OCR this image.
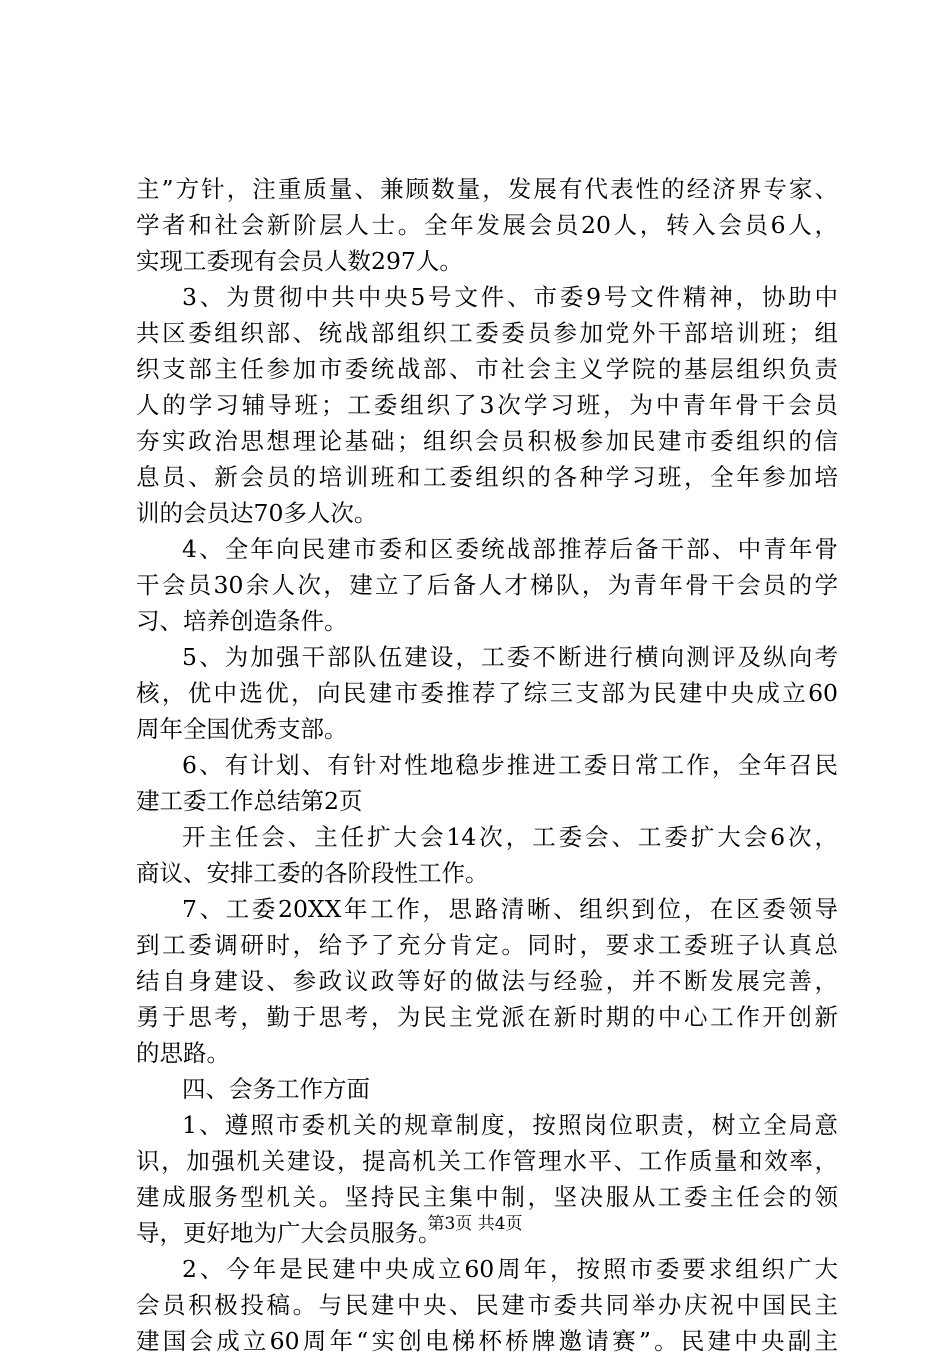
主”方针，注重质量、兼顾数量，发展有代表性的经济界专家、
学者和社会新阶层人士。全年发展会员20人，转入会员6人，
实现工委现有会员人数297人。
3、为贯彻中共中央5号文件、市委9号文件精神，协助中
共区委组织部、统战部组织工委委员参加党外干部培训班；组
织支部主任参加市委统战部、市社会主义学院的基层组织负责
人的学习辅导班；工委组织了3次学习班，为中青年骨干会员
夯实政治思想理论基础；组织会员积极参加民建市委组织的信
息员、新会员的培训班和工委组织的各种学习班，全年参加培
训的会员达70多人次。
4、全年向民建市委和区委统战部推荐后备干部、中青年骨
干会员30余人次，建立了后备人才梯队，为青年骨干会员的学
习、培养创造条件。
5、为加强干部队伍建设，工委不断进行横向测评及纵向考
核，优中选优，向民建市委推荐了综三支部为民建中央成立60
周年全国优秀支部。
6、有计划、有针对性地稳步推进工委日常工作，全年召民
建工委工作总结第2页
开主任会、主任扩大会14次，工委会、工委扩大会6次，
商议、安排工委的各阶段性工作。
7、工委20XX年工作，思路清晰、组织到位，在区委领导
到工委调研时，给予了充分肯定。同时，要求工委班子认真总
结自身建设、参政议政等好的做法与经验，并不断发展完善，
勇于思考，勤于思考，为民主党派在新时期的中心工作开创新
的思路。
四、会务工作方面
1、遵照市委机关的规章制度，按照岗位职责，树立全局意
识，加强机关建设，提高机关工作管理水平、工作质量和效率，
建成服务型机关。坚持民主集中制，坚决服从工委主任会的领
导，更好地为广大会员服务。
2、今年是民建中央成立60周年，按照市委要求组织广大
会员积极投稿。与民建中央、民建市委共同举办庆祝中国民主
建国会成立60周年“实创电梯杯桥牌邀请赛”。民建中央副主
第3页 共4页
